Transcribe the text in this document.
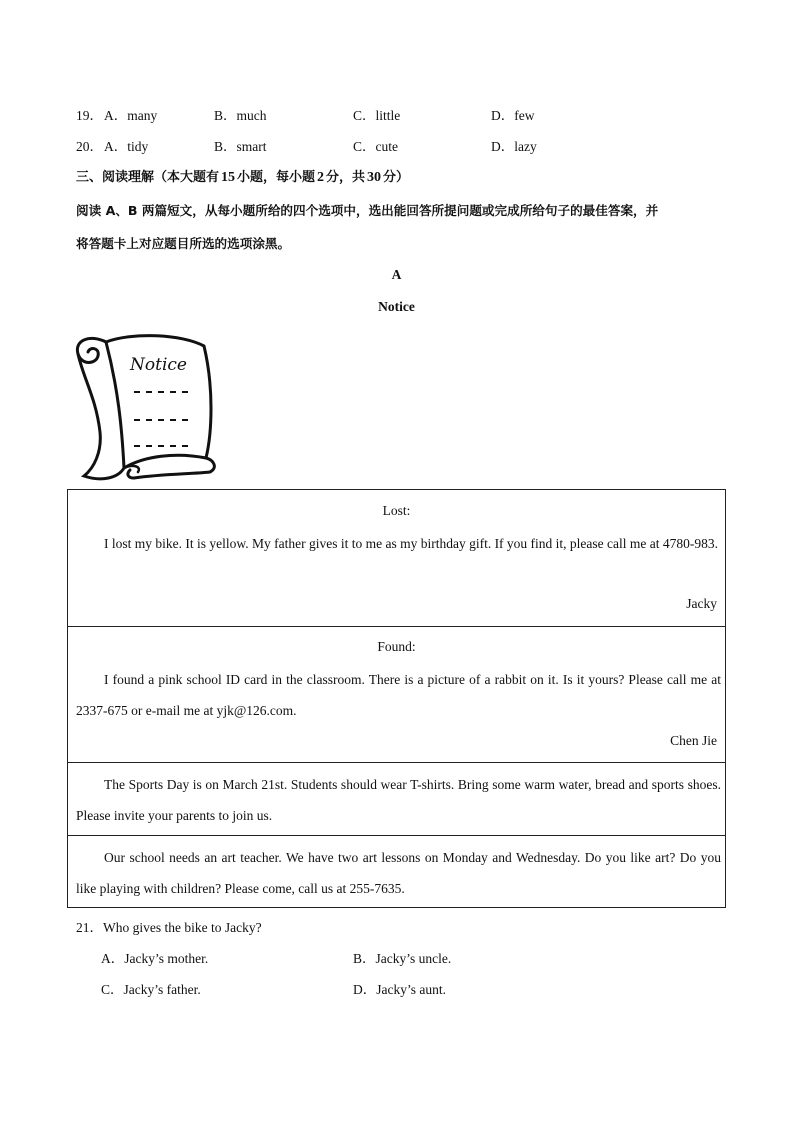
19． A．many	B．much	C．little	D．few
20． A．tidy	B．smart	C．cute	D．lazy
三、阅读理解（本大题有 15 小题，每小题 2 分，共 30 分）
阅读 A、B 两篇短文，从每小题所给的四个选项中，选出能回答所提问题或完成所给句子的最佳答案，并
将答题卡上对应题目所选的选项涂黑。
A
Notice
Notice
Lost:
I lost my bike. It is yellow. My father gives it to me as my birthday gift. If you find it, please call me at 4780-983.
Jacky
Found:
I found a pink school ID card in the classroom. There is a picture of a rabbit on it. Is it yours? Please call me at 2337-675 or e-mail me at yjk@126.com.
Chen Jie
The Sports Day is on March 21st. Students should wear T-shirts. Bring some warm water, bread and sports shoes. Please invite your parents to join us.
Our school needs an art teacher. We have two art lessons on Monday and Wednesday. Do you like art? Do you like playing with children? Please come, call us at 255-7635.
21．Who gives the bike to Jacky?
A．Jacky’s mother.	B．Jacky’s uncle.
C．Jacky’s father.	D．Jacky’s aunt.
